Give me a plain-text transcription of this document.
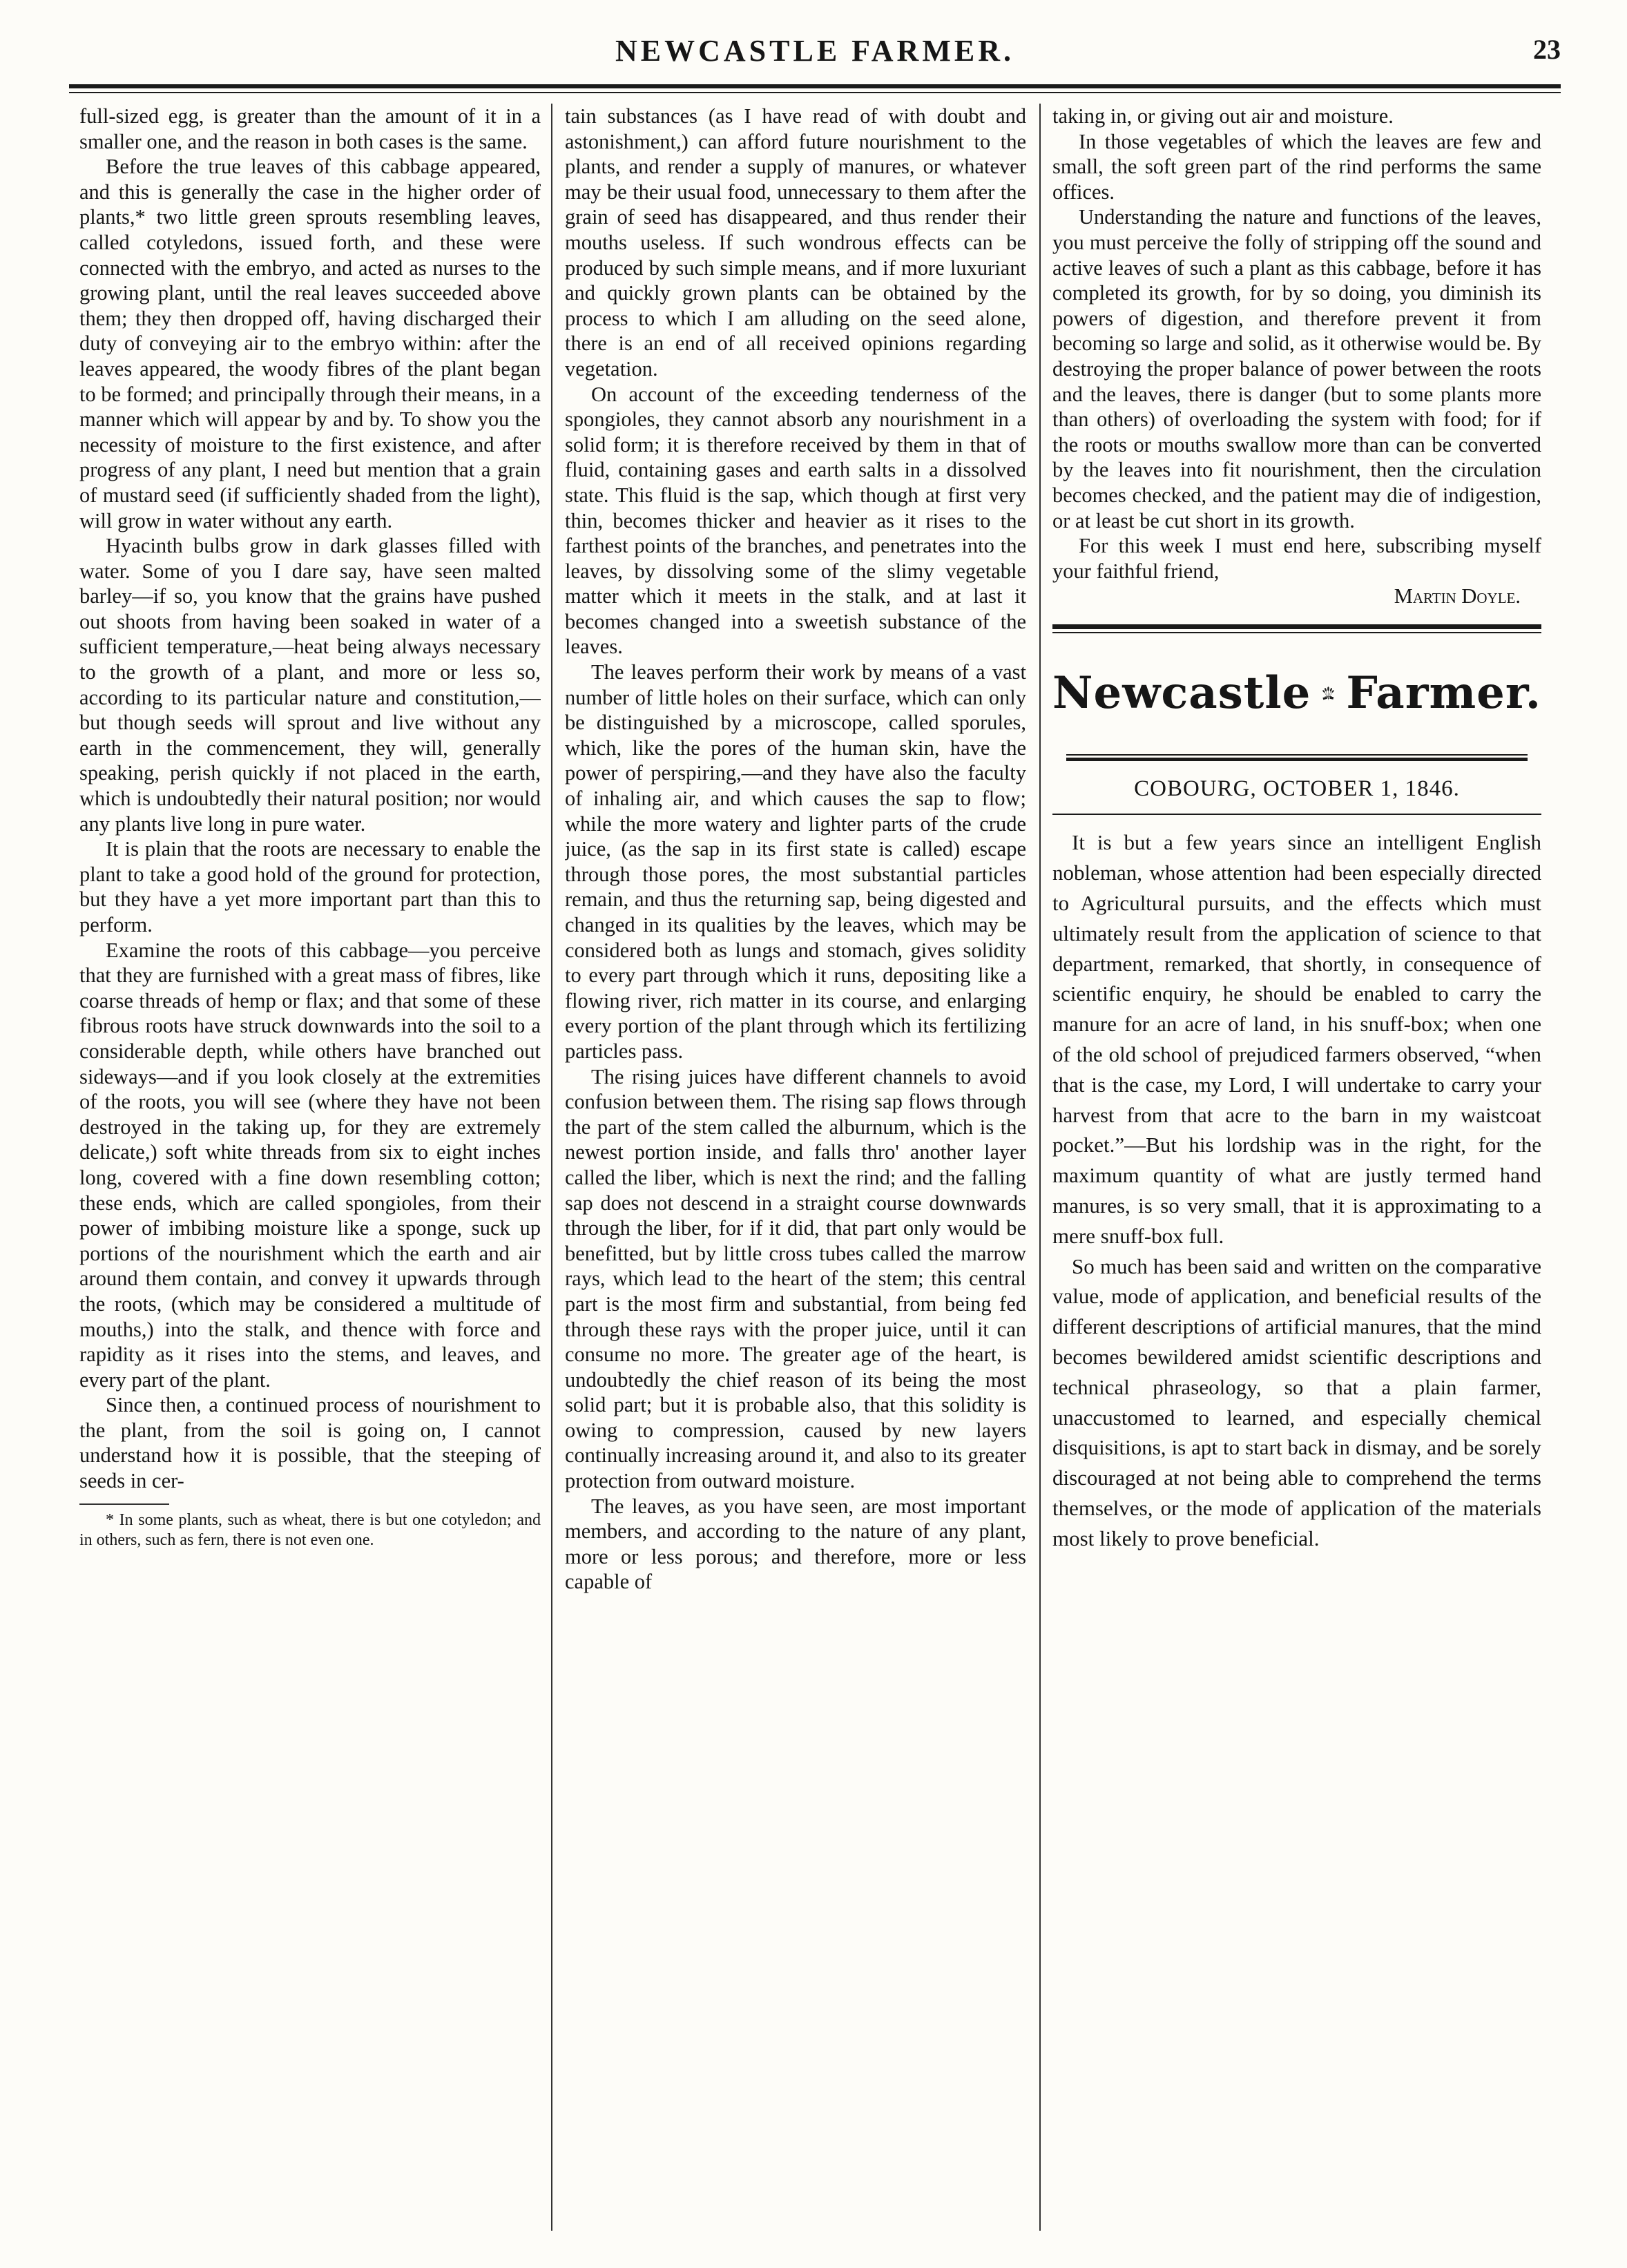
NEWCASTLE FARMER.	23

full-sized egg, is greater than the amount of it in a smaller one, and the reason in both cases is the same.

Before the true leaves of this cabbage appeared, and this is generally the case in the higher order of plants,* two little green sprouts resembling leaves, called cotyledons, issued forth, and these were connected with the embryo, and acted as nurses to the growing plant, until the real leaves succeeded above them; they then dropped off, having discharged their duty of conveying air to the embryo within: after the leaves appeared, the woody fibres of the plant began to be formed; and principally through their means, in a manner which will appear by and by. To show you the necessity of moisture to the first existence, and after progress of any plant, I need but mention that a grain of mustard seed (if sufficiently shaded from the light), will grow in water without any earth.

Hyacinth bulbs grow in dark glasses filled with water. Some of you I dare say, have seen malted barley—if so, you know that the grains have pushed out shoots from having been soaked in water of a sufficient temperature,—heat being always necessary to the growth of a plant, and more or less so, according to its particular nature and constitution,—but though seeds will sprout and live without any earth in the commencement, they will, generally speaking, perish quickly if not placed in the earth, which is undoubtedly their natural position; nor would any plants live long in pure water.

It is plain that the roots are necessary to enable the plant to take a good hold of the ground for protection, but they have a yet more important part than this to perform.

Examine the roots of this cabbage—you perceive that they are furnished with a great mass of fibres, like coarse threads of hemp or flax; and that some of these fibrous roots have struck downwards into the soil to a considerable depth, while others have branched out sideways—and if you look closely at the extremities of the roots, you will see (where they have not been destroyed in the taking up, for they are extremely delicate,) soft white threads from six to eight inches long, covered with a fine down resembling cotton; these ends, which are called spongioles, from their power of imbibing moisture like a sponge, suck up portions of the nourishment which the earth and air around them contain, and convey it upwards through the roots, (which may be considered a multitude of mouths,) into the stalk, and thence with force and rapidity as it rises into the stems, and leaves, and every part of the plant.

Since then, a continued process of nourishment to the plant, from the soil is going on, I cannot understand how it is possible, that the steeping of seeds in cer-

* In some plants, such as wheat, there is but one cotyledon; and in others, such as fern, there is not even one.

tain substances (as I have read of with doubt and astonishment,) can afford future nourishment to the plants, and render a supply of manures, or whatever may be their usual food, unnecessary to them after the grain of seed has disappeared, and thus render their mouths useless. If such wondrous effects can be produced by such simple means, and if more luxuriant and quickly grown plants can be obtained by the process to which I am alluding on the seed alone, there is an end of all received opinions regarding vegetation.

On account of the exceeding tenderness of the spongioles, they cannot absorb any nourishment in a solid form; it is therefore received by them in that of fluid, containing gases and earth salts in a dissolved state. This fluid is the sap, which though at first very thin, becomes thicker and heavier as it rises to the farthest points of the branches, and penetrates into the leaves, by dissolving some of the slimy vegetable matter which it meets in the stalk, and at last it becomes changed into a sweetish substance of the leaves.

The leaves perform their work by means of a vast number of little holes on their surface, which can only be distinguished by a microscope, called sporules, which, like the pores of the human skin, have the power of perspiring,—and they have also the faculty of inhaling air, and which causes the sap to flow; while the more watery and lighter parts of the crude juice, (as the sap in its first state is called) escape through those pores, the most substantial particles remain, and thus the returning sap, being digested and changed in its qualities by the leaves, which may be considered both as lungs and stomach, gives solidity to every part through which it runs, depositing like a flowing river, rich matter in its course, and enlarging every portion of the plant through which its fertilizing particles pass.

The rising juices have different channels to avoid confusion between them. The rising sap flows through the part of the stem called the alburnum, which is the newest portion inside, and falls thro' another layer called the liber, which is next the rind; and the falling sap does not descend in a straight course downwards through the liber, for if it did, that part only would be benefitted, but by little cross tubes called the marrow rays, which lead to the heart of the stem; this central part is the most firm and substantial, from being fed through these rays with the proper juice, until it can consume no more. The greater age of the heart, is undoubtedly the chief reason of its being the most solid part; but it is probable also, that this solidity is owing to compression, caused by new layers continually increasing around it, and also to its greater protection from outward moisture.

The leaves, as you have seen, are most important members, and according to the nature of any plant, more or less porous; and therefore, more or less capable of

taking in, or giving out air and moisture.

In those vegetables of which the leaves are few and small, the soft green part of the rind performs the same offices.

Understanding the nature and functions of the leaves, you must perceive the folly of stripping off the sound and active leaves of such a plant as this cabbage, before it has completed its growth, for by so doing, you diminish its powers of digestion, and therefore prevent it from becoming so large and solid, as it otherwise would be. By destroying the proper balance of power between the roots and the leaves, there is danger (but to some plants more than others) of overloading the system with food; for if the roots or mouths swallow more than can be converted by the leaves into fit nourishment, then the circulation becomes checked, and the patient may die of indigestion, or at least be cut short in its growth.

For this week I must end here, subscribing myself your faithful friend,

Martin Doyle.

Newcastle Farmer.
COBOURG, OCTOBER 1, 1846.

It is but a few years since an intelligent English nobleman, whose attention had been especially directed to Agricultural pursuits, and the effects which must ultimately result from the application of science to that department, remarked, that shortly, in consequence of scientific enquiry, he should be enabled to carry the manure for an acre of land, in his snuff-box; when one of the old school of prejudiced farmers observed, “when that is the case, my Lord, I will undertake to carry your harvest from that acre to the barn in my waistcoat pocket.”—But his lordship was in the right, for the maximum quantity of what are justly termed hand manures, is so very small, that it is approximating to a mere snuff-box full.

So much has been said and written on the comparative value, mode of application, and beneficial results of the different descriptions of artificial manures, that the mind becomes bewildered amidst scientific descriptions and technical phraseology, so that a plain farmer, unaccustomed to learned, and especially chemical disquisitions, is apt to start back in dismay, and be sorely discouraged at not being able to comprehend the terms themselves, or the mode of application of the materials most likely to prove beneficial.
